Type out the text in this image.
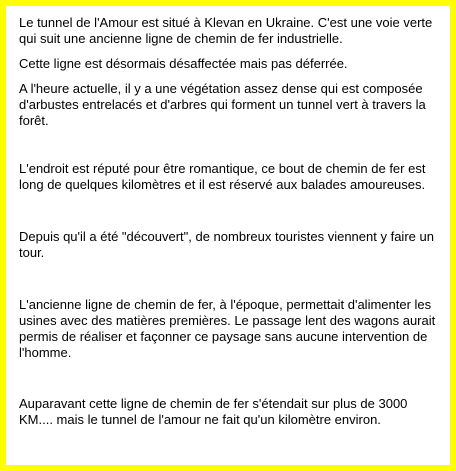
Le tunnel de l'Amour est situé à Klevan en Ukraine. C'est une voie verte
qui suit une ancienne ligne de chemin de fer industrielle.

Cette ligne est désormais désaffectée mais pas déferrée.

A l'heure actuelle, il y a une végétation assez dense qui est composée
d'arbustes entrelacés et d'arbres qui forment un tunnel vert à travers la
forêt.

L'endroit est réputé pour être romantique, ce bout de chemin de fer est
long de quelques kilomètres et il est réservé aux balades amoureuses.

Depuis qu'il a été "découvert", de nombreux touristes viennent y faire un
tour.

L'ancienne ligne de chemin de fer, à l'époque, permettait d'alimenter les
usines avec des matières premières. Le passage lent des wagons aurait
permis de réaliser et façonner ce paysage sans aucune intervention de
l'homme.

Auparavant cette ligne de chemin de fer s'étendait sur plus de 3000
KM.... mais le tunnel de l'amour ne fait qu'un kilomètre environ.
